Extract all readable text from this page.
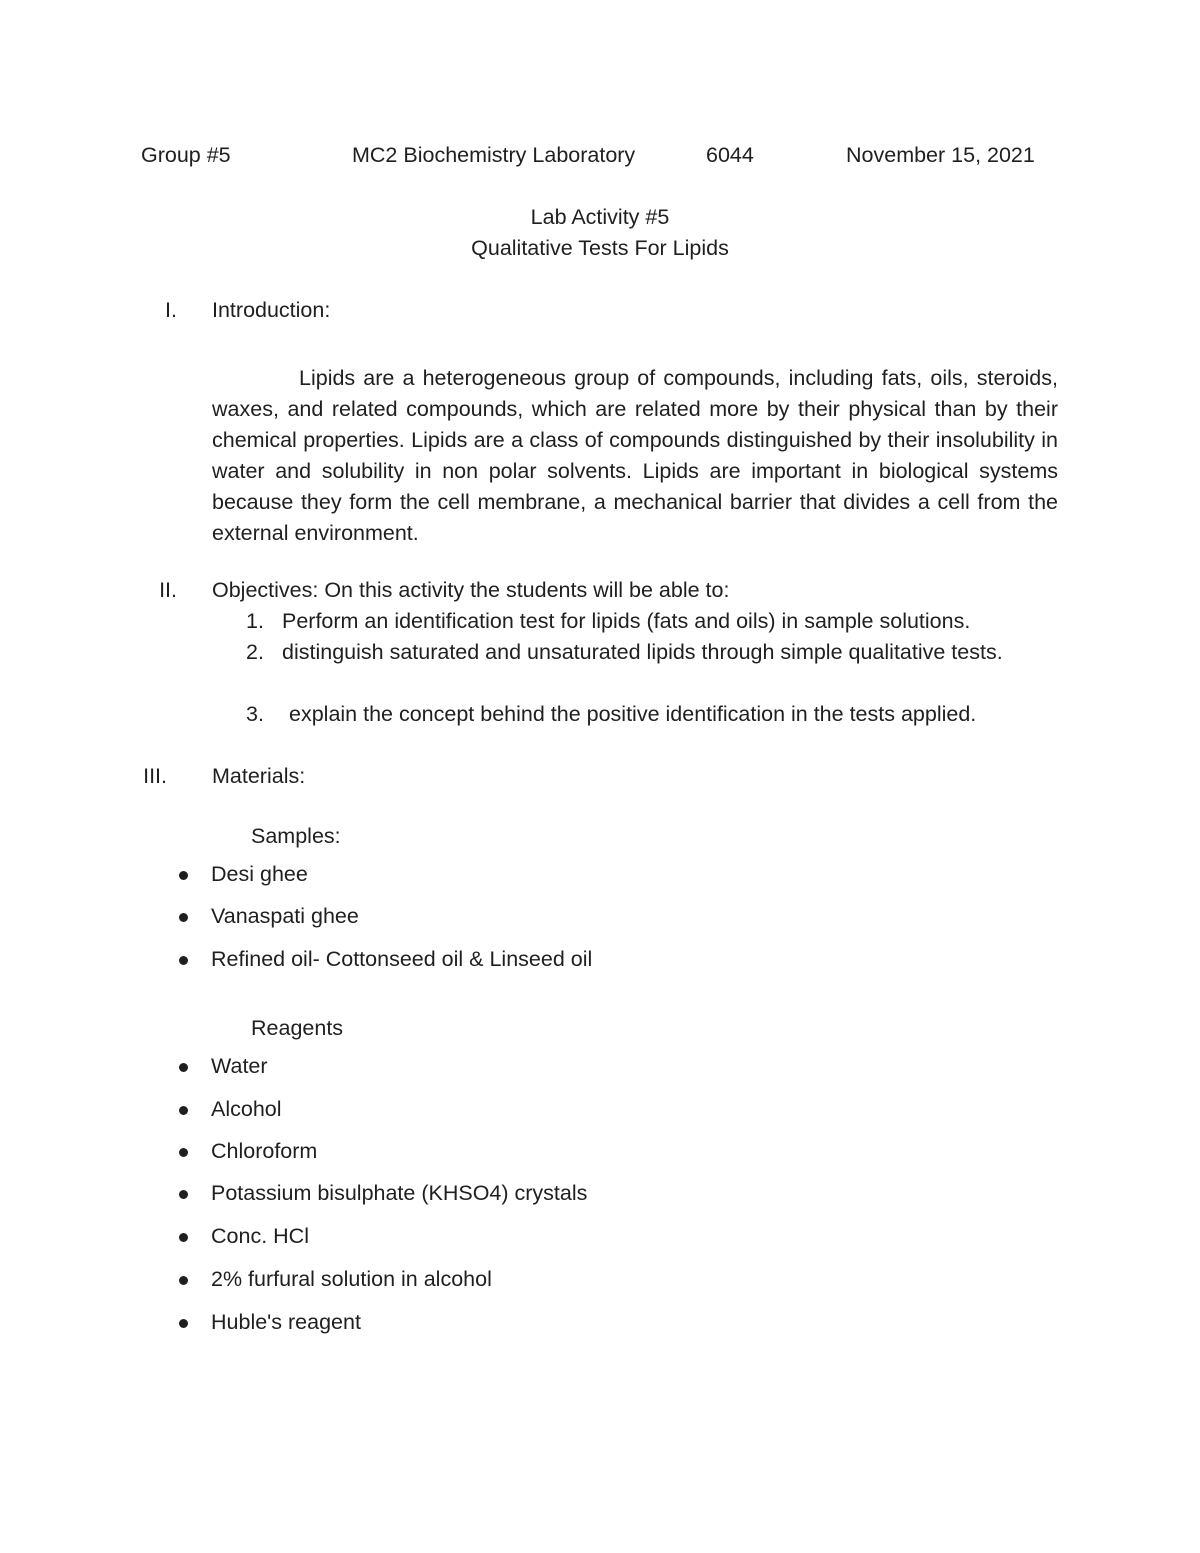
Group #5	MC2 Biochemistry Laboratory	6044	November 15, 2021
Lab Activity #5
Qualitative Tests For Lipids
I. Introduction:
Lipids are a heterogeneous group of compounds, including fats, oils, steroids, waxes, and related compounds, which are related more by their physical than by their chemical properties. Lipids are a class of compounds distinguished by their insolubility in water and solubility in non polar solvents. Lipids are important in biological systems because they form the cell membrane, a mechanical barrier that divides a cell from the external environment.
II. Objectives: On this activity the students will be able to:
1. Perform an identification test for lipids (fats and oils) in sample solutions.
2. distinguish saturated and unsaturated lipids through simple qualitative tests.
3. explain the concept behind the positive identification in the tests applied.
III. Materials:
Samples:
Desi ghee
Vanaspati ghee
Refined oil- Cottonseed oil & Linseed oil
Reagents
Water
Alcohol
Chloroform
Potassium bisulphate (KHSO4) crystals
Conc. HCl
2% furfural solution in alcohol
Huble's reagent
